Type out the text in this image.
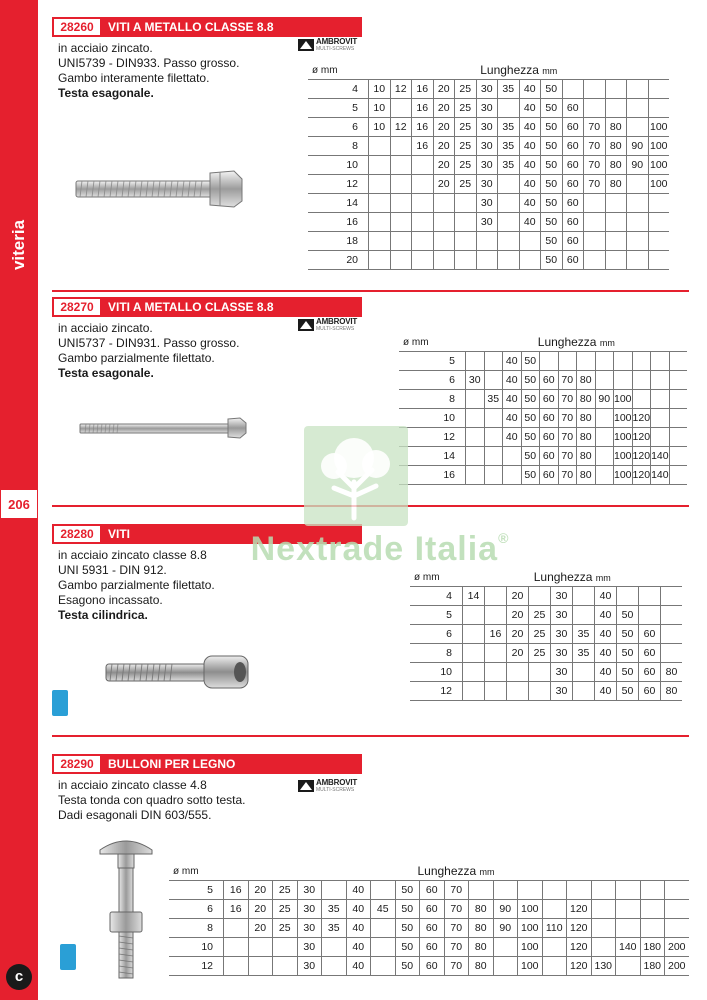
viteria
206
c
28260	VITI A METALLO CLASSE 8.8
in acciaio zincato.
UNI5739 - DIN933. Passo grosso.
Gambo interamente filettato.
Testa esagonale.
AMBROVIT
MULTI-SCREWS
ø mm	Lunghezza mm													
4	10	12	16	20	25	30	35	40	50					
5	10		16	20	25	30		40	50	60				
6	10	12	16	20	25	30	35	40	50	60	70	80		100
8			16	20	25	30	35	40	50	60	70	80	90	100
10				20	25	30	35	40	50	60	70	80	90	100
12				20	25	30		40	50	60	70	80		100
14						30		40	50	60				
16						30		40	50	60				
18									50	60				
20									50	60				
28270	VITI A METALLO CLASSE 8.8
in acciaio zincato.
UNI5737 - DIN931. Passo grosso.
Gambo parzialmente filettato.
Testa esagonale.
AMBROVIT
MULTI-SCREWS
ø mm	Lunghezza mm											
5			40	50								
6	30		40	50	60	70	80					
8		35	40	50	60	70	80	90	100			
10			40	50	60	70	80		100	120		
12			40	50	60	70	80		100	120		
14				50	60	70	80		100	120	140	
16				50	60	70	80		100	120	140	
28280	VITI
in acciaio zincato classe 8.8
UNI 5931 - DIN 912.
Gambo parzialmente filettato.
Esagono incassato.
Testa cilindrica.
ø mm	Lunghezza mm									
4	14		20		30		40			
5			20	25	30		40	50		
6		16	20	25	30	35	40	50	60	
8			20	25	30	35	40	50	60	
10					30		40	50	60	80
12					30		40	50	60	80
28290	BULLONI PER LEGNO
in acciaio zincato classe 4.8
Testa tonda con quadro sotto testa.
Dadi esagonali DIN 603/555.
AMBROVIT
MULTI-SCREWS
ø mm	Lunghezza mm																		
5	16	20	25	30		40		50	60	70									
6	16	20	25	30	35	40	45	50	60	70	80	90	100		120				
8		20	25	30	35	40		50	60	70	80	90	100	110	120				
10				30		40		50	60	70	80		100		120		140	180	200
12				30		40		50	60	70	80		100		120	130		180	200
Nextrade Italia®
